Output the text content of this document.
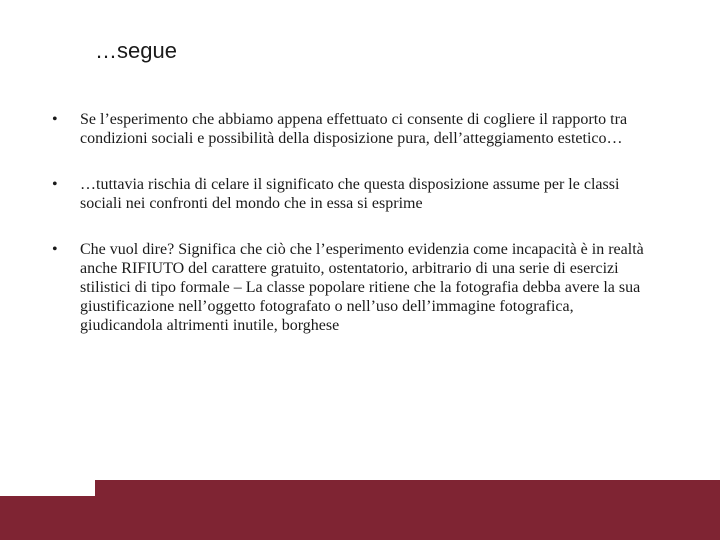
…segue
• Se l’esperimento che abbiamo appena effettuato ci consente di cogliere il rapporto tra condizioni sociali e possibilità della disposizione pura, dell’atteggiamento estetico…
• …tuttavia rischia di celare il significato che questa disposizione assume per le classi sociali nei confronti del mondo che in essa si esprime
• Che vuol dire? Significa che ciò che l’esperimento evidenzia come incapacità è in realtà anche RIFIUTO del carattere gratuito, ostentatorio, arbitrario di una serie di esercizi stilistici di tipo formale – La classe popolare ritiene che la fotografia debba avere la sua giustificazione nell’oggetto fotografato o nell’uso dell’immagine fotografica, giudicandola altrimenti inutile, borghese
